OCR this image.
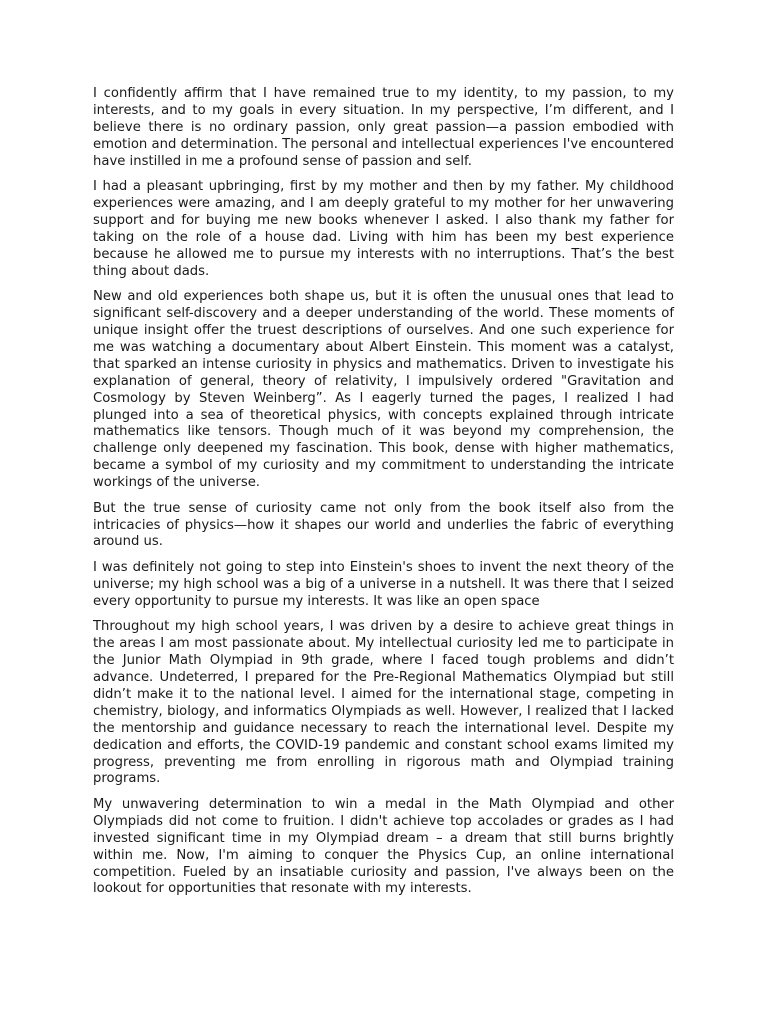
I confidently affirm that I have remained true to my identity, to my passion, to my interests, and to my goals in every situation. In my perspective, I’m different, and I believe there is no ordinary passion, only great passion—a passion embodied with emotion and determination. The personal and intellectual experiences I've encountered have instilled in me a profound sense of passion and self.

I had a pleasant upbringing, first by my mother and then by my father. My childhood experiences were amazing, and I am deeply grateful to my mother for her unwavering support and for buying me new books whenever I asked. I also thank my father for taking on the role of a house dad. Living with him has been my best experience because he allowed me to pursue my interests with no interruptions. That’s the best thing about dads.

New and old experiences both shape us, but it is often the unusual ones that lead to significant self-discovery and a deeper understanding of the world. These moments of unique insight offer the truest descriptions of ourselves. And one such experience for me was watching a documentary about Albert Einstein. This moment was a catalyst, that sparked an intense curiosity in physics and mathematics. Driven to investigate his explanation of general, theory of relativity, I impulsively ordered "Gravitation and Cosmology by Steven Weinberg”. As I eagerly turned the pages, I realized I had plunged into a sea of theoretical physics, with concepts explained through intricate mathematics like tensors. Though much of it was beyond my comprehension, the challenge only deepened my fascination. This book, dense with higher mathematics, became a symbol of my curiosity and my commitment to understanding the intricate workings of the universe.

But the true sense of curiosity came not only from the book itself also from the intricacies of physics—how it shapes our world and underlies the fabric of everything around us.

I was definitely not going to step into Einstein's shoes to invent the next theory of the universe; my high school was a big of a universe in a nutshell. It was there that I seized every opportunity to pursue my interests. It was like an open space

Throughout my high school years, I was driven by a desire to achieve great things in the areas I am most passionate about. My intellectual curiosity led me to participate in the Junior Math Olympiad in 9th grade, where I faced tough problems and didn’t advance. Undeterred, I prepared for the Pre-Regional Mathematics Olympiad but still didn’t make it to the national level. I aimed for the international stage, competing in chemistry, biology, and informatics Olympiads as well. However, I realized that I lacked the mentorship and guidance necessary to reach the international level. Despite my dedication and efforts, the COVID-19 pandemic and constant school exams limited my progress, preventing me from enrolling in rigorous math and Olympiad training programs.

My unwavering determination to win a medal in the Math Olympiad and other Olympiads did not come to fruition. I didn't achieve top accolades or grades as I had invested significant time in my Olympiad dream – a dream that still burns brightly within me. Now, I'm aiming to conquer the Physics Cup, an online international competition. Fueled by an insatiable curiosity and passion, I've always been on the lookout for opportunities that resonate with my interests.
